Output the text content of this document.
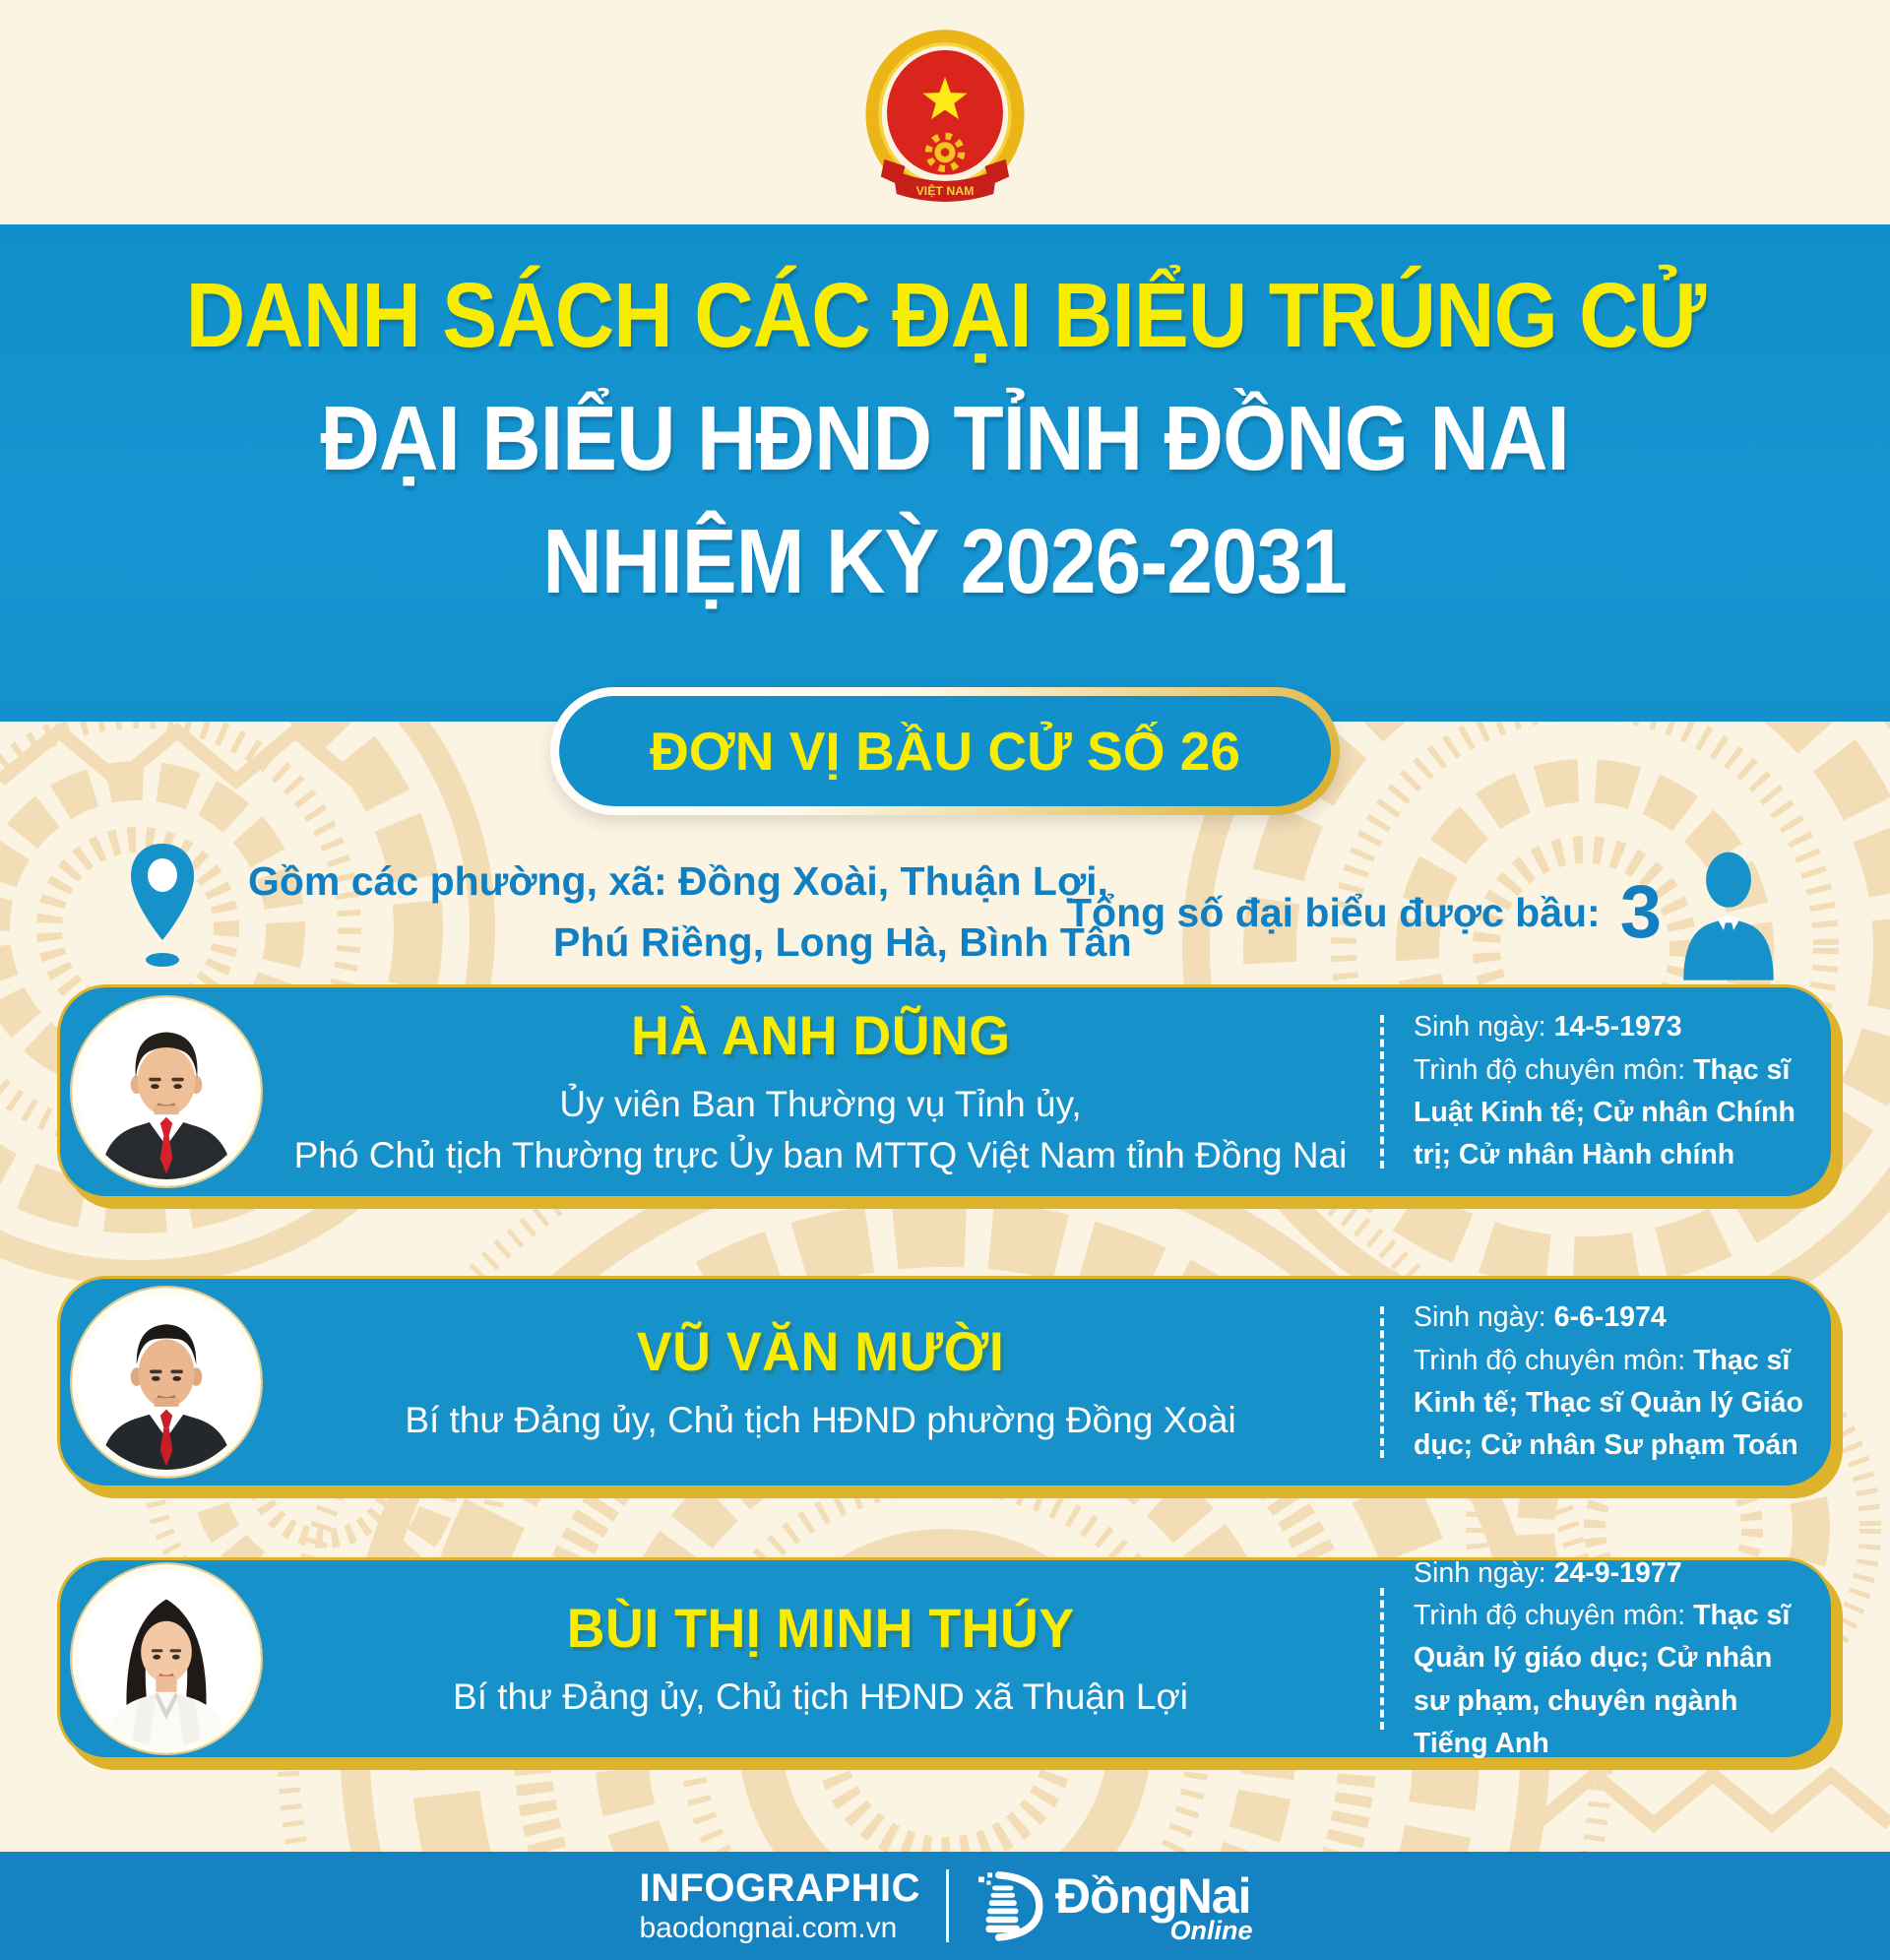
VIỆT NAM
DANH SÁCH CÁC ĐẠI BIỂU TRÚNG CỬ
ĐẠI BIỂU HĐND TỈNH ĐỒNG NAI
NHIỆM KỲ 2026-2031
ĐƠN VỊ BẦU CỬ SỐ 26
Gồm các phường, xã: Đồng Xoài, Thuận Lợi,
Phú Riềng, Long Hà, Bình Tân
Tổng số đại biểu được bầu: 3
HÀ ANH DŨNG
Ủy viên Ban Thường vụ Tỉnh ủy,
Phó Chủ tịch Thường trực Ủy ban MTTQ Việt Nam tỉnh Đồng Nai
Sinh ngày: 14-5-1973
Trình độ chuyên môn: Thạc sĩ Luật Kinh tế; Cử nhân Chính trị; Cử nhân Hành chính
VŨ VĂN MƯỜI
Bí thư Đảng ủy, Chủ tịch HĐND phường Đồng Xoài
Sinh ngày: 6-6-1974
Trình độ chuyên môn: Thạc sĩ Kinh tế; Thạc sĩ Quản lý Giáo dục; Cử nhân Sư phạm Toán
BÙI THỊ MINH THÚY
Bí thư Đảng ủy, Chủ tịch HĐND xã Thuận Lợi
Sinh ngày: 24-9-1977
Trình độ chuyên môn: Thạc sĩ Quản lý giáo dục; Cử nhân sư phạm, chuyên ngành Tiếng Anh
INFOGRAPHIC
baodongnai.com.vn
ĐồngNai
Online
